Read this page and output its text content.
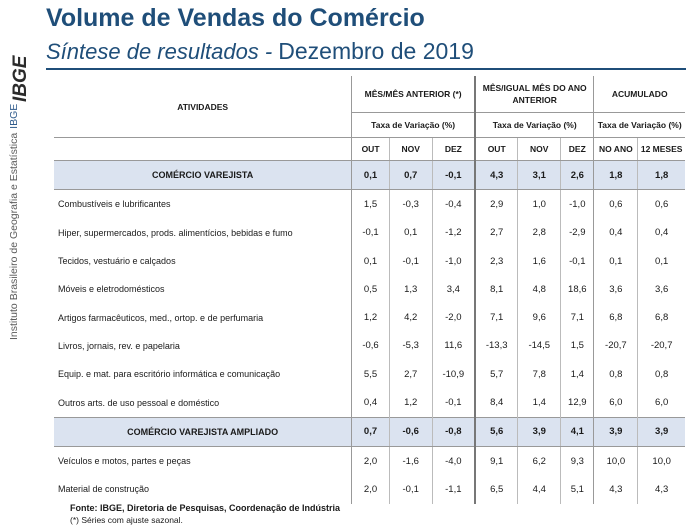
IBGE
Instituto Brasileiro de Geografia e EstatísticaIBGE
Volume de Vendas do Comércio
Síntese de resultados - Dezembro de 2019
ATIVIDADES	MÊS/MÊS ANTERIOR (*)			MÊS/IGUAL MÊS DO ANO ANTERIOR			ACUMULADO	
	Taxa de Variação (%)			Taxa de Variação (%)			Taxa de Variação (%)	
	OUT	NOV	DEZ	OUT	NOV	DEZ	NO ANO	12 MESES
COMÉRCIO VAREJISTA	0,1	0,7	-0,1	4,3	3,1	2,6	1,8	1,8
Combustíveis e lubrificantes	1,5	-0,3	-0,4	2,9	1,0	-1,0	0,6	0,6
Hiper, supermercados, prods. alimentícios, bebidas e fumo	-0,1	0,1	-1,2	2,7	2,8	-2,9	0,4	0,4
Tecidos, vestuário e calçados	0,1	-0,1	-1,0	2,3	1,6	-0,1	0,1	0,1
Móveis e eletrodomésticos	0,5	1,3	3,4	8,1	4,8	18,6	3,6	3,6
Artigos farmacêuticos, med., ortop. e de perfumaria	1,2	4,2	-2,0	7,1	9,6	7,1	6,8	6,8
Livros, jornais, rev. e papelaria	-0,6	-5,3	11,6	-13,3	-14,5	1,5	-20,7	-20,7
Equip. e mat. para escritório informática e comunicação	5,5	2,7	-10,9	5,7	7,8	1,4	0,8	0,8
Outros arts. de uso pessoal e doméstico	0,4	1,2	-0,1	8,4	1,4	12,9	6,0	6,0
COMÉRCIO VAREJISTA AMPLIADO	0,7	-0,6	-0,8	5,6	3,9	4,1	3,9	3,9
Veículos e motos, partes e peças	2,0	-1,6	-4,0	9,1	6,2	9,3	10,0	10,0
Material de construção	2,0	-0,1	-1,1	6,5	4,4	5,1	4,3	4,3
Fonte: IBGE, Diretoria de Pesquisas, Coordenação de Indústria
(*) Séries com ajuste sazonal.
